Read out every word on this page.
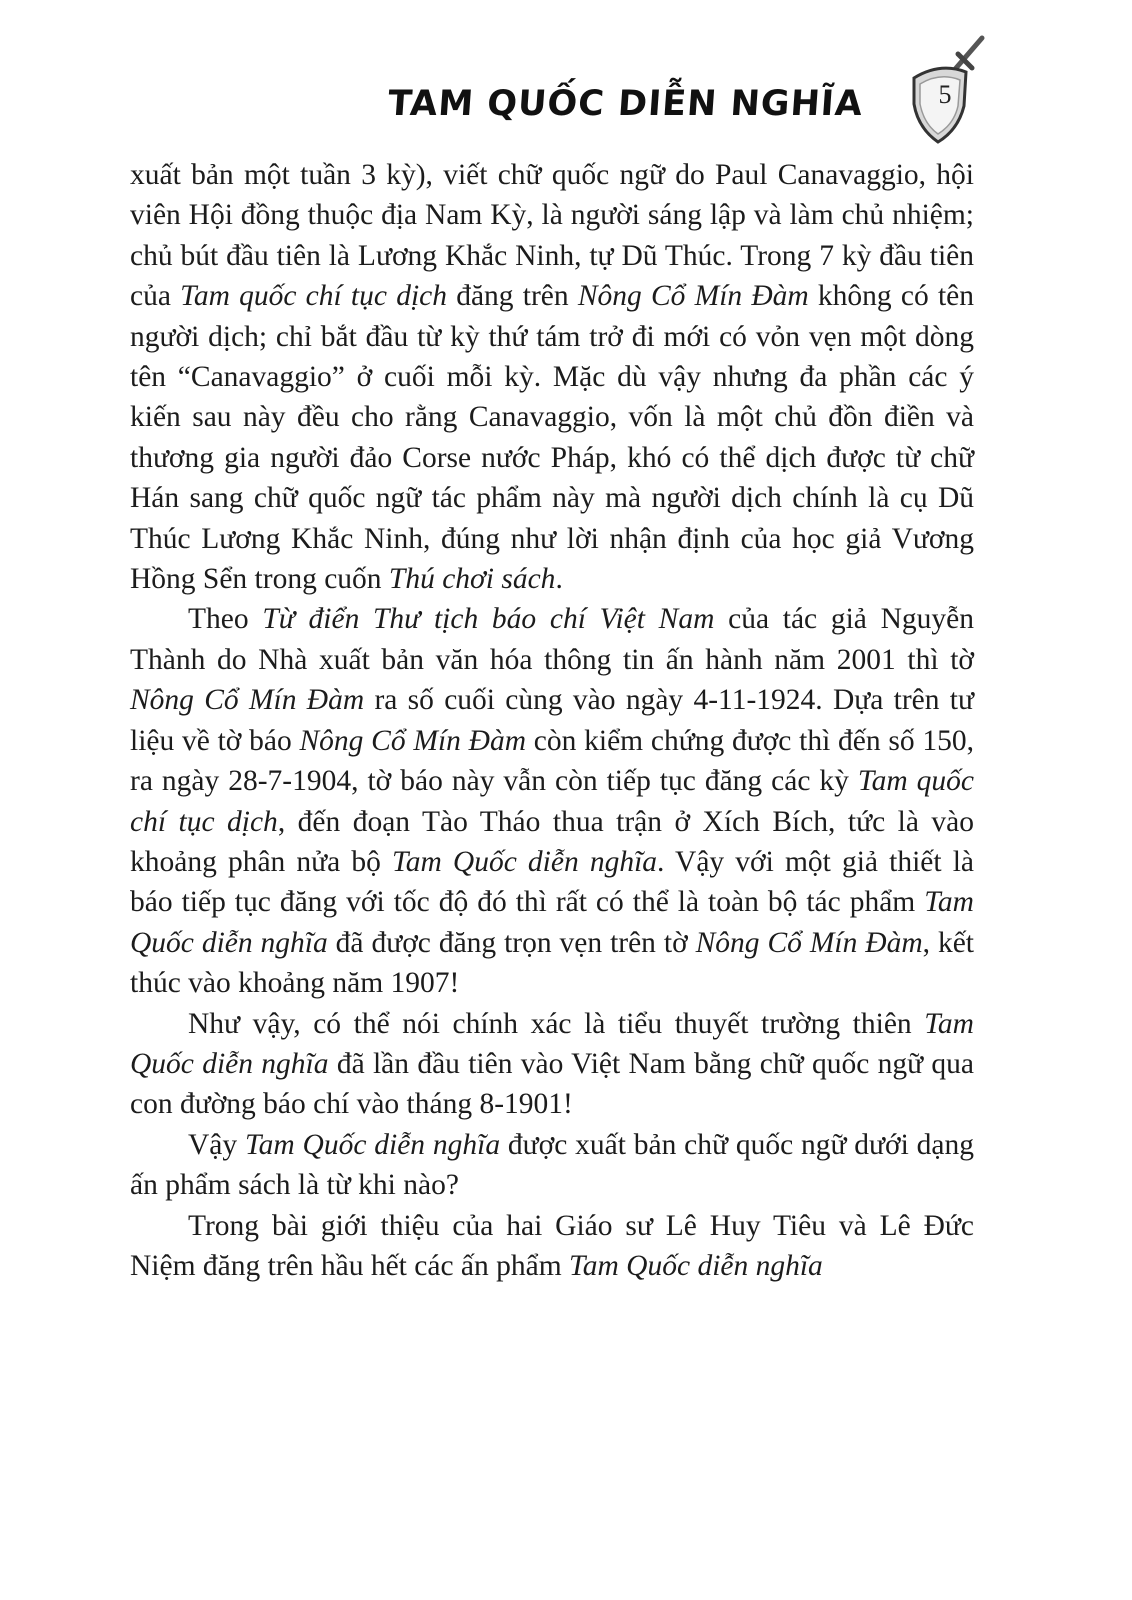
TAM QUỐC DIỄN NGHĨA	5

xuất bản một tuần 3 kỳ), viết chữ quốc ngữ do Paul Canavaggio, hội viên Hội đồng thuộc địa Nam Kỳ, là người sáng lập và làm chủ nhiệm; chủ bút đầu tiên là Lương Khắc Ninh, tự Dũ Thúc. Trong 7 kỳ đầu tiên của Tam quốc chí tục dịch đăng trên Nông Cổ Mín Đàm không có tên người dịch; chỉ bắt đầu từ kỳ thứ tám trở đi mới có vỏn vẹn một dòng tên “Canavaggio” ở cuối mỗi kỳ. Mặc dù vậy nhưng đa phần các ý kiến sau này đều cho rằng Canavaggio, vốn là một chủ đồn điền và thương gia người đảo Corse nước Pháp, khó có thể dịch được từ chữ Hán sang chữ quốc ngữ tác phẩm này mà người dịch chính là cụ Dũ Thúc Lương Khắc Ninh, đúng như lời nhận định của học giả Vương Hồng Sển trong cuốn Thú chơi sách.

Theo Từ điển Thư tịch báo chí Việt Nam của tác giả Nguyễn Thành do Nhà xuất bản văn hóa thông tin ấn hành năm 2001 thì tờ Nông Cổ Mín Đàm ra số cuối cùng vào ngày 4-11-1924. Dựa trên tư liệu về tờ báo Nông Cổ Mín Đàm còn kiểm chứng được thì đến số 150, ra ngày 28-7-1904, tờ báo này vẫn còn tiếp tục đăng các kỳ Tam quốc chí tục dịch, đến đoạn Tào Tháo thua trận ở Xích Bích, tức là vào khoảng phân nửa bộ Tam Quốc diễn nghĩa. Vậy với một giả thiết là báo tiếp tục đăng với tốc độ đó thì rất có thể là toàn bộ tác phẩm Tam Quốc diễn nghĩa đã được đăng trọn vẹn trên tờ Nông Cổ Mín Đàm, kết thúc vào khoảng năm 1907!

Như vậy, có thể nói chính xác là tiểu thuyết trường thiên Tam Quốc diễn nghĩa đã lần đầu tiên vào Việt Nam bằng chữ quốc ngữ qua con đường báo chí vào tháng 8-1901!

Vậy Tam Quốc diễn nghĩa được xuất bản chữ quốc ngữ dưới dạng ấn phẩm sách là từ khi nào?

Trong bài giới thiệu của hai Giáo sư Lê Huy Tiêu và Lê Đức Niệm đăng trên hầu hết các ấn phẩm Tam Quốc diễn nghĩa
